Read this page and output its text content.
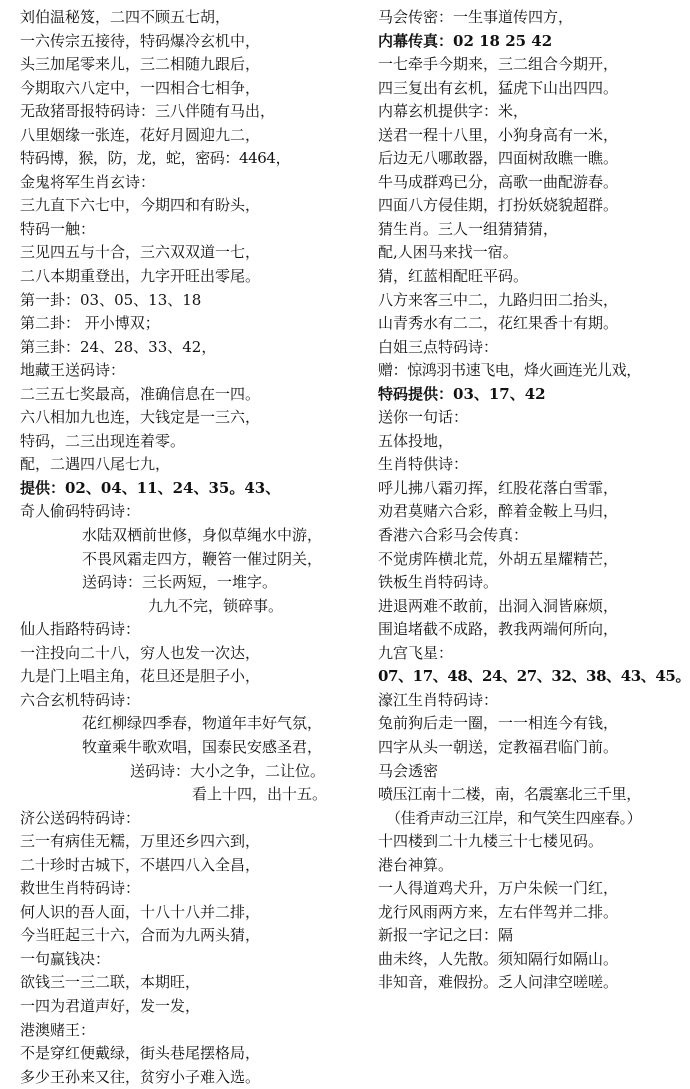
刘伯温秘笈，二四不顾五七胡，
一六传宗五接待，特码爆冷玄机中，
头三加尾零来儿，三二相随九跟后，
今期取六八定中，一四相合七相争，
无敌猪哥报特码诗：三八伴随有马出，
八里姻缘一张连，花好月圆迎九二，
特码博，猴，防，龙，蛇，密码：4464，
金鬼将军生肖玄诗：
三九直下六七中，今期四和有盼头，
特码一触：
三见四五与十合，三六双双道一七，
二八本期重登出，九字开旺出零尾。
第一卦：03、05、13、18
第二卦： 开小博双；
第三卦：24、28、33、42，
地藏王送码诗：
二三五七奖最高，准确信息在一四。
六八相加九也连，大钱定是一三六，
特码，二三出现连着零。
配，二遇四八尾七九，
提供：02、04、11、24、35。43、
奇人偷码特码诗：
水陆双栖前世修，身似草绳水中游，
不畏风霜走四方，鞭笞一催过阴关，
送码诗：三长两短，一堆字。
九九不完，锁碎事。
仙人指路特码诗：
一注投向二十八，穷人也发一次达，
九是门上唱主角，花旦还是胆子小，
六合玄机特码诗：
花红柳绿四季春，物道年丰好气氛，
牧童乘牛歌欢唱，国泰民安感圣君，
送码诗：大小之争，二让位。
看上十四，出十五。
济公送码特码诗：
三一有病佳无糯，万里还乡四六到，
二十珍时古城下，不堪四八入全昌，
救世生肖特码诗：
何人识的吾人面，十八十八并二排，
今当旺起三十六，合而为九两头猜，
一句赢钱决：
欲钱三一三二联，本期旺，
一四为君道声好，发一发，
港澳赌王：
不是穿红便戴绿，街头巷尾摆格局，
多少王孙来又往，贫穷小子难入选。
马会传密：一生事道传四方，
内幕传真：02 18 25 42
一七牵手今期来，三二组合今期开，
四三复出有玄机，猛虎下山出四四。
内幕玄机提供字：米，
送君一程十八里，小狗身高有一米，
后边无八哪敢器，四面树敌瞧一瞧。
牛马成群鸡已分，高歌一曲配游春。
四面八方侵佳期，打扮妖娆貌超群。
猜生肖。三人一组猜猜猜，
配,人困马来找一宿。
猜，红蓝相配旺平码。
八方来客三中二，九路归田二抬头，
山青秀水有二二，花红果香十有期。
白姐三点特码诗：
赠：惊鸿羽书速飞电，烽火画连光儿戏，
特码提供：03、17、42
送你一句话：
五体投地，
生肖特供诗：
呼儿拂八霜刃挥，红股花落白雪霏，
劝君莫赌六合彩，醉着金鞍上马归，
香港六合彩马会传真：
不觉虏阵横北荒，外胡五星耀精芒，
铁板生肖特码诗。
进退两难不敢前，出洞入洞皆麻烦，
围追堵截不成路，教我两端何所向，
九宫飞星：
07、17、48、24、27、32、38、43、45。
濠江生肖特码诗：
兔前狗后走一圈，一一相连今有钱，
四字从头一朝送，定教福君临门前。
马会透密
喷压江南十二楼，南，名震塞北三千里，
（佳肴声动三江岸，和气笑生四座春。）
十四楼到二十九楼三十七楼见码。
港台神算。
一人得道鸡犬升，万户朱候一门红，
龙行风雨两方来，左右伴驾并二排。
新报一字记之曰：隔
曲未终，人先散。须知隔行如隔山。
非知音，难假扮。乏人问津空嗟嗟。
